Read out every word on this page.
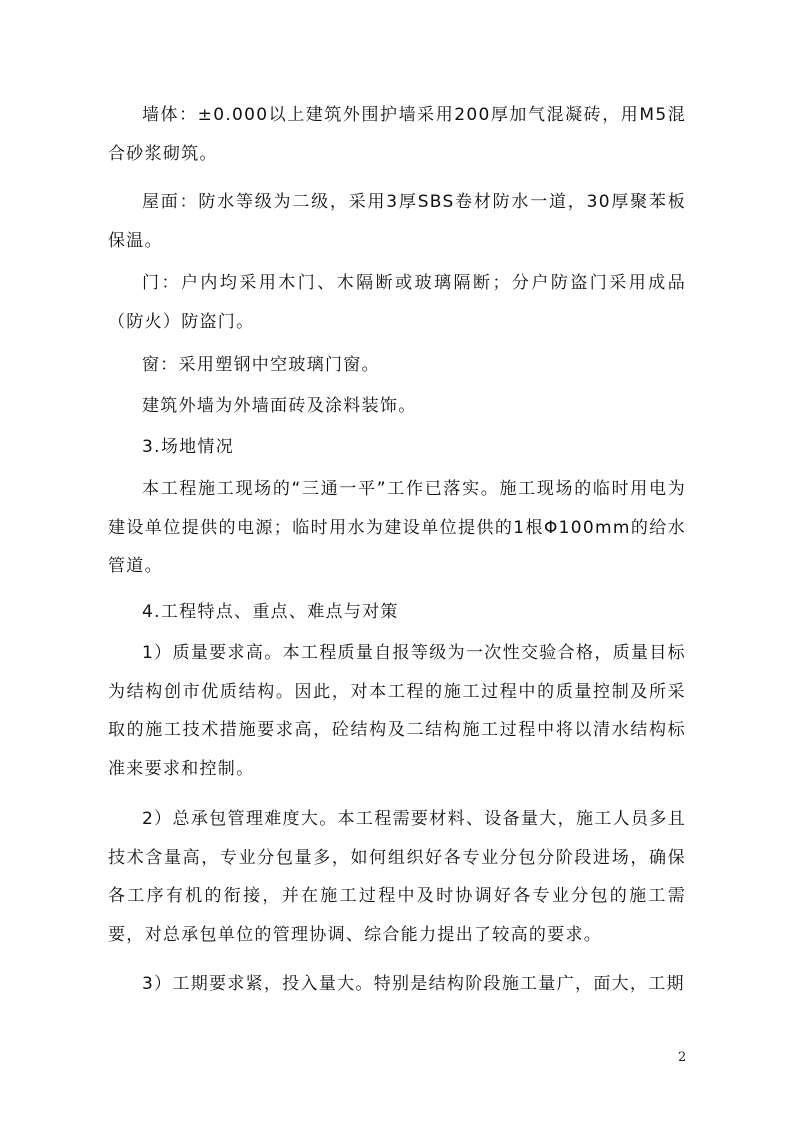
墙体：±0.000以上建筑外围护墙采用200厚加气混凝砖，用M5混合砂浆砌筑。

屋面：防水等级为二级，采用3厚SBS卷材防水一道，30厚聚苯板保温。

门：户内均采用木门、木隔断或玻璃隔断；分户防盗门采用成品（防火）防盗门。

窗：采用塑钢中空玻璃门窗。

建筑外墙为外墙面砖及涂料装饰。

3.场地情况

本工程施工现场的“三通一平”工作已落实。施工现场的临时用电为建设单位提供的电源；临时用水为建设单位提供的1根Φ100mm的给水管道。

4.工程特点、重点、难点与对策

1）质量要求高。本工程质量自报等级为一次性交验合格，质量目标为结构创市优质结构。因此，对本工程的施工过程中的质量控制及所采取的施工技术措施要求高，砼结构及二结构施工过程中将以清水结构标准来要求和控制。

2）总承包管理难度大。本工程需要材料、设备量大，施工人员多且技术含量高，专业分包量多，如何组织好各专业分包分阶段进场，确保各工序有机的衔接，并在施工过程中及时协调好各专业分包的施工需要，对总承包单位的管理协调、综合能力提出了较高的要求。

3）工期要求紧，投入量大。特别是结构阶段施工量广，面大，工期

2
